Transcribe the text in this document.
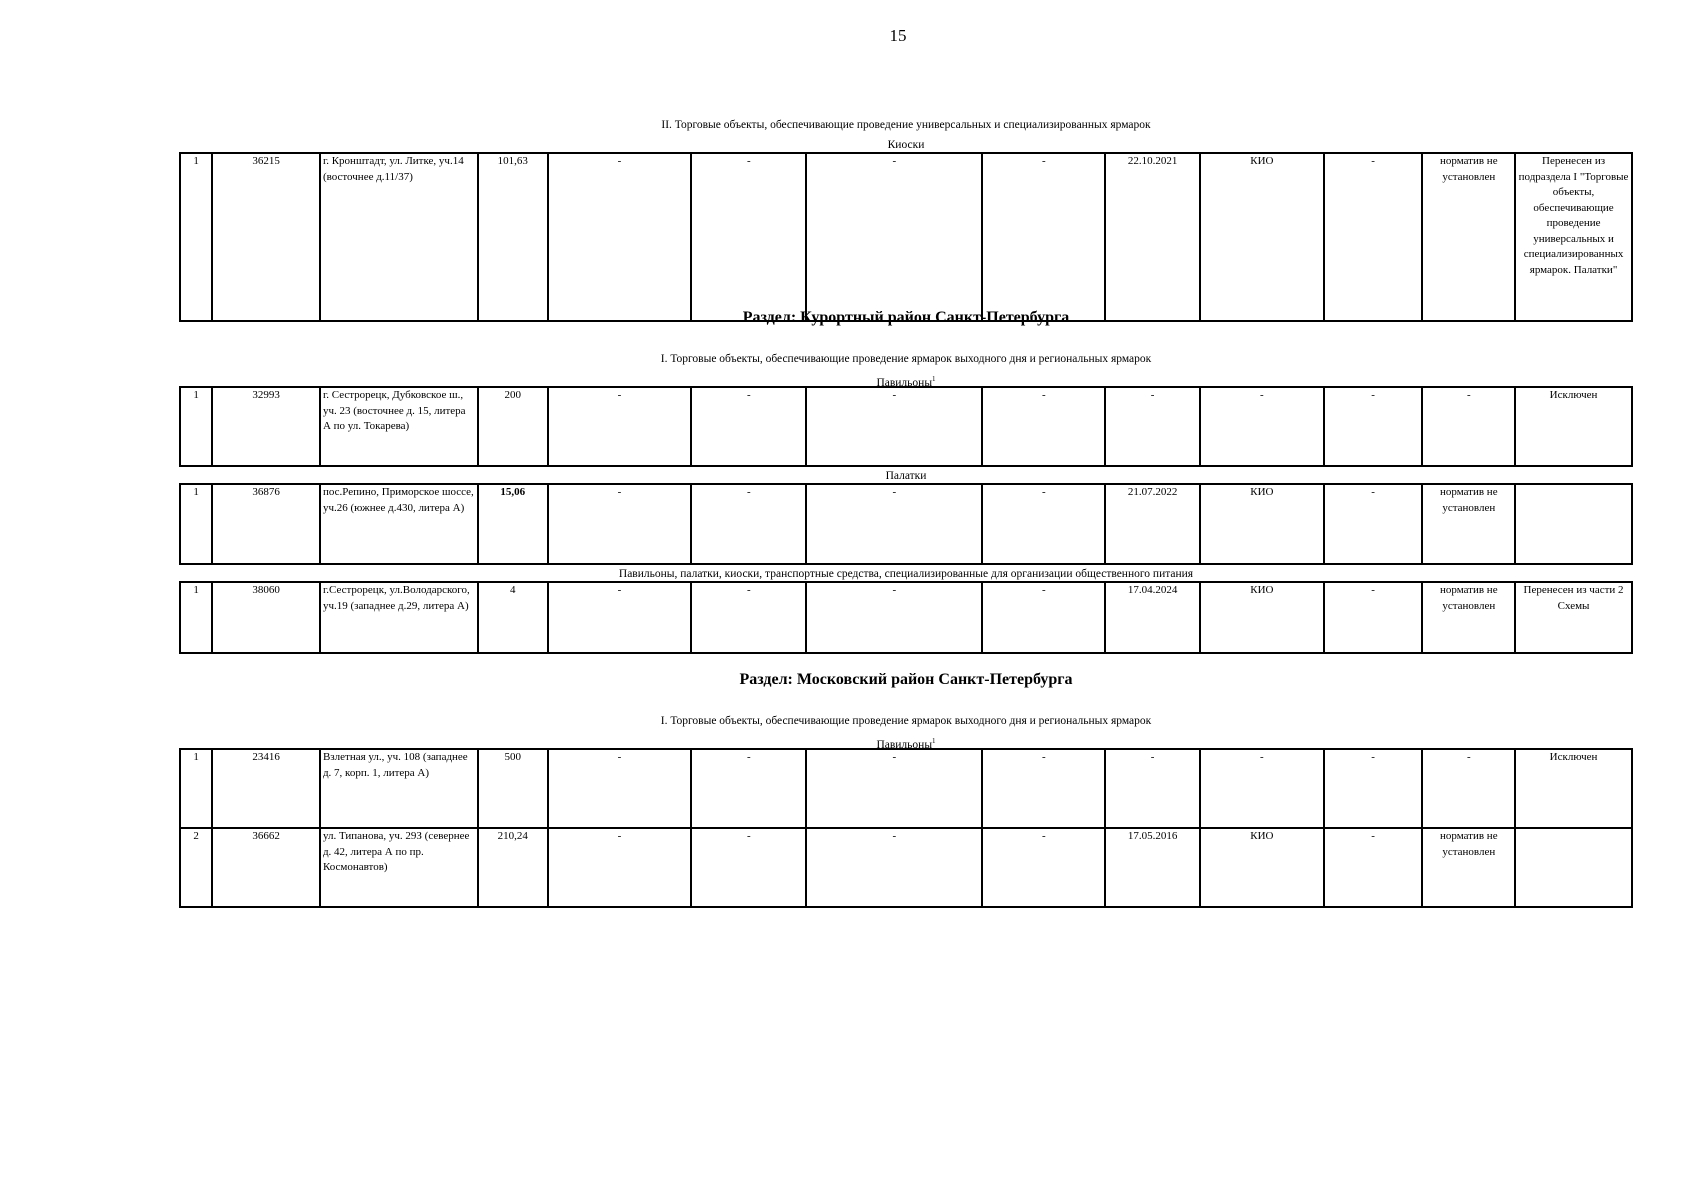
15
II. Торговые объекты, обеспечивающие проведение универсальных и специализированных ярмарок
Киоски
1	36215	г. Кронштадт, ул. Литке, уч.14 (восточнее д.11/37)	101,63	-	-	-	-	22.10.2021	КИО	-	норматив не установлен	Перенесен из подраздела I "Торговые объекты, обеспечивающие проведение универсальных и специализированных ярмарок. Палатки"
Раздел: Курортный район Санкт-Петербурга
I. Торговые объекты, обеспечивающие проведение ярмарок выходного дня и региональных ярмарок
Павильоны$^1$
1	32993	г. Сестрорецк, Дубковское ш., уч. 23 (восточнее д. 15, литера А по ул. Токарева)	200	-	-	-	-	-	-	-	-	Исключен
Палатки
1	36876	пос.Репино, Приморское шоссе, уч.26 (южнее д.430, литера А)	15,06	-	-	-	-	21.07.2022	КИО	-	норматив не установлен	
Павильоны, палатки, киоски, транспортные средства, специализированные для организации общественного питания
1	38060	г.Сестрорецк, ул.Володарского, уч.19 (западнее д.29, литера А)	4	-	-	-	-	17.04.2024	КИО	-	норматив не установлен	Перенесен из части 2 Схемы
Раздел: Московский район Санкт-Петербурга
I. Торговые объекты, обеспечивающие проведение ярмарок выходного дня и региональных ярмарок
Павильоны$^1$
1	23416	Взлетная ул., уч. 108 (западнее д. 7, корп. 1, литера А)	500	-	-	-	-	-	-	-	-	Исключен
2	36662	ул. Типанова, уч. 29З (севернее д. 42, литера А по пр. Космонавтов)	210,24	-	-	-	-	17.05.2016	КИО	-	норматив не установлен	
